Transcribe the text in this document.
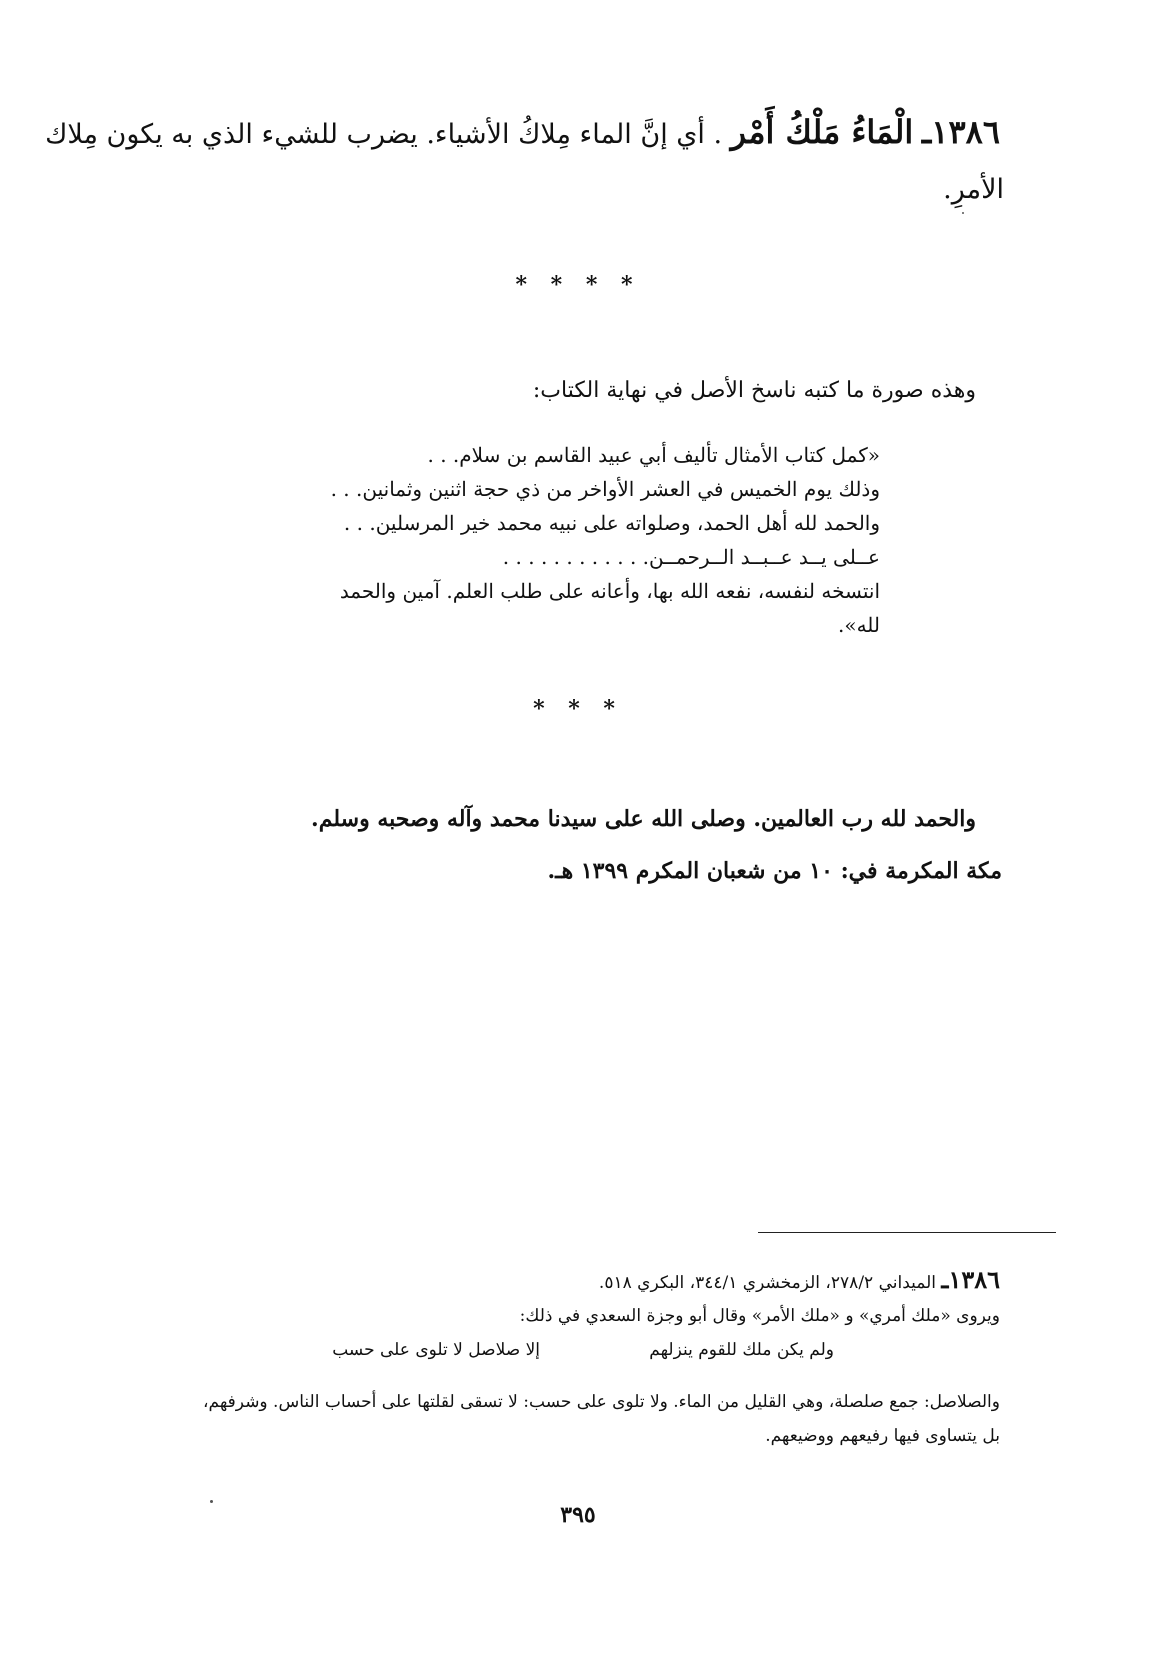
١٣٨٦ـ الْمَاءُ مَلْكُ أَمْر . أي إنَّ الماء مِلاكُ الأشياء. يضرب للشيء الذي به يكون مِلاك
الأمرِ.
* * * *
وهذه صورة ما كتبه ناسخ الأصل في نهاية الكتاب:
«كمل كتاب الأمثال تأليف أبي عبيد القاسم بن سلام. . .
وذلك يوم الخميس في العشر الأواخر من ذي حجة اثنين وثمانين. . .
والحمد لله أهل الحمد، وصلواته على نبيه محمد خير المرسلين. . .
عــلى يــد عــبــد الــرحمــن. . . . . . . . . . . .
انتسخه لنفسه، نفعه الله بها، وأعانه على طلب العلم. آمين والحمد
لله».
* * *
والحمد لله رب العالمين. وصلى الله على سيدنا محمد وآله وصحبه وسلم.
مكة المكرمة في: ١٠ من شعبان المكرم ١٣٩٩ هـ.
١٣٨٦ـ الميداني ٢٧٨/٢، الزمخشري ٣٤٤/١، البكري ٥١٨.
ويروى «ملك أمري» و «ملك الأمر» وقال أبو وجزة السعدي في ذلك:
ولم يكن ملك للقوم ينزلهم
إلا صلاصل لا تلوى على حسب
والصلاصل: جمع صلصلة، وهي القليل من الماء. ولا تلوى على حسب: لا تسقى لقلتها على أحساب الناس. وشرفهم،
بل يتساوى فيها رفيعهم ووضيعهم.
٣٩٥
